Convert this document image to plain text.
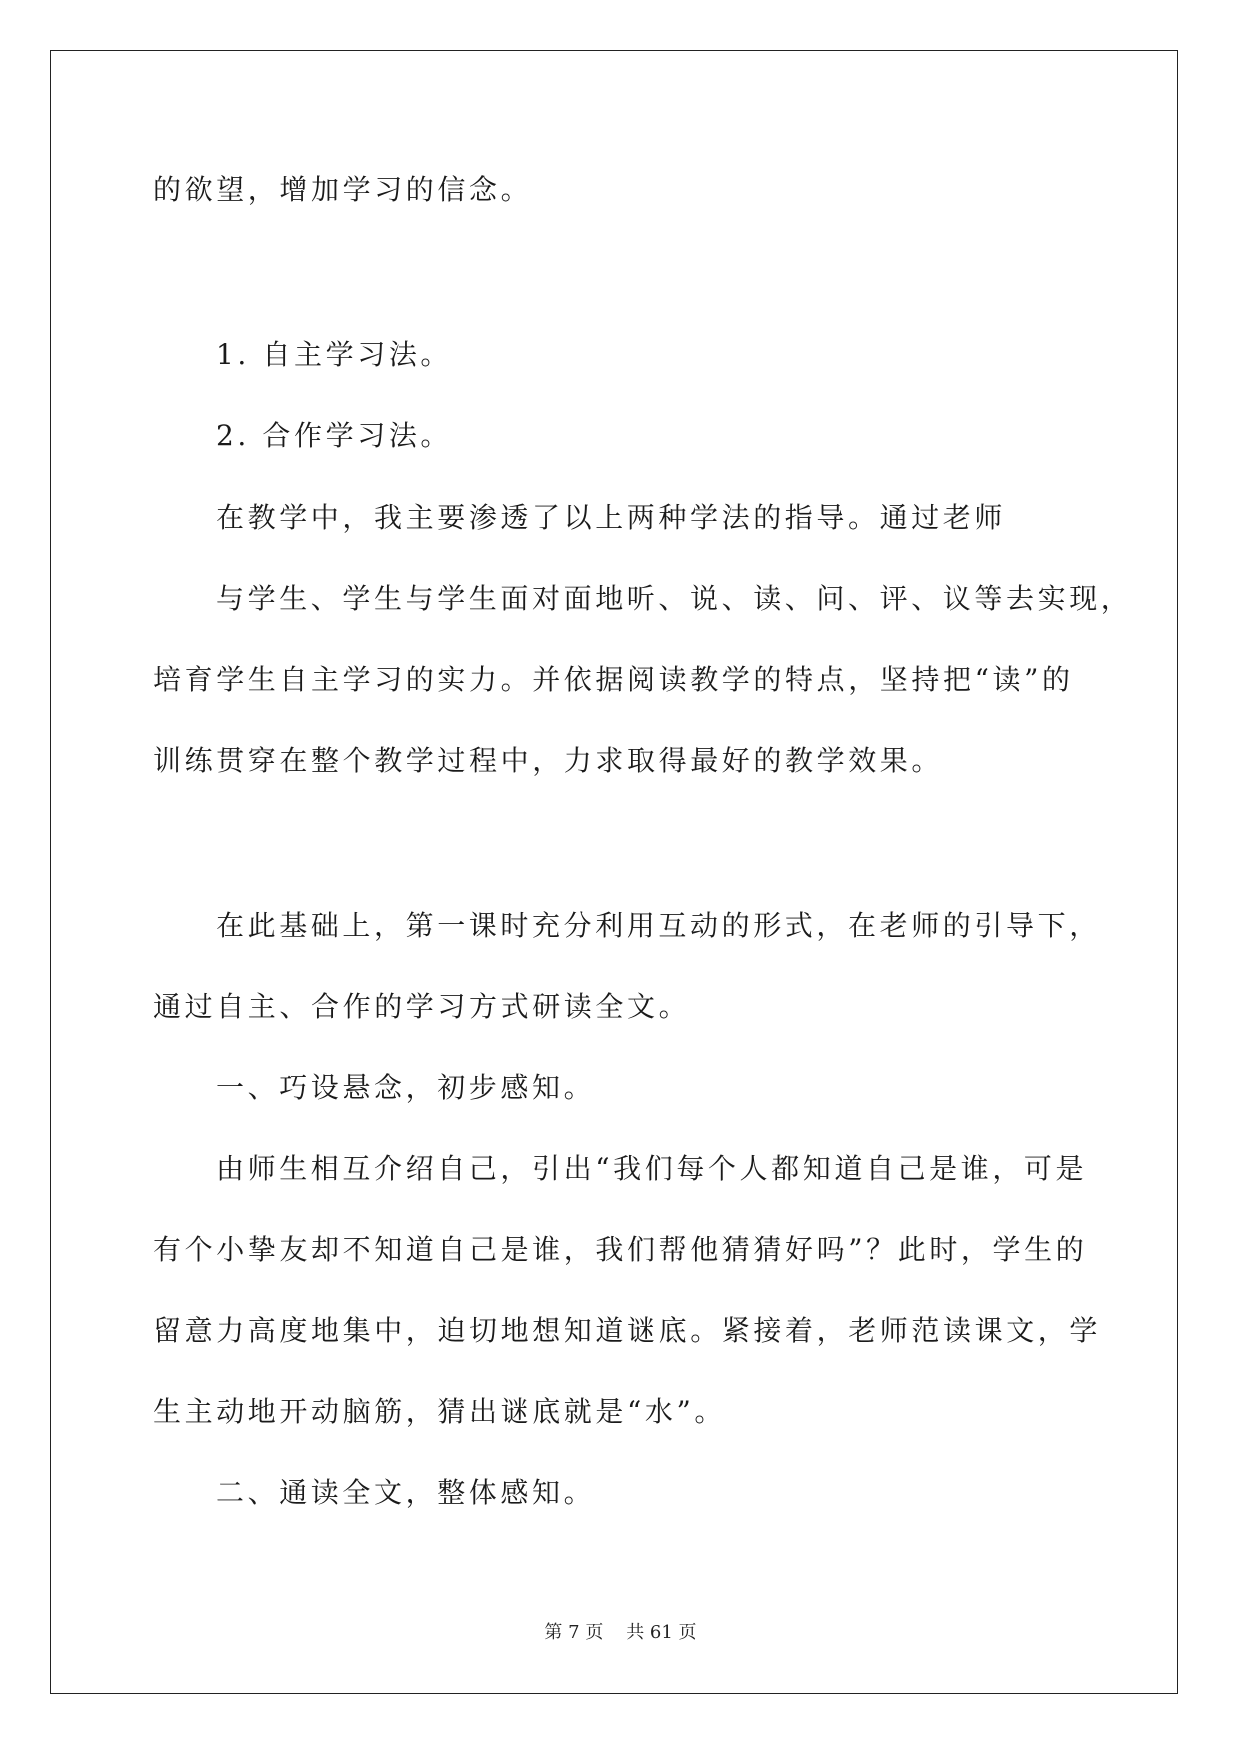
的欲望，增加学习的信念。

1. 自主学习法。

2. 合作学习法。

在教学中，我主要渗透了以上两种学法的指导。通过老师

与学生、学生与学生面对面地听、说、读、问、评、议等去实现，

培育学生自主学习的实力。并依据阅读教学的特点，坚持把“读”的

训练贯穿在整个教学过程中，力求取得最好的教学效果。

在此基础上，第一课时充分利用互动的形式，在老师的引导下，

通过自主、合作的学习方式研读全文。

一、巧设悬念，初步感知。

由师生相互介绍自己，引出“我们每个人都知道自己是谁，可是

有个小挚友却不知道自己是谁，我们帮他猜猜好吗”？此时，学生的

留意力高度地集中，迫切地想知道谜底。紧接着，老师范读课文，学

生主动地开动脑筋，猜出谜底就是“水”。

二、通读全文，整体感知。

第 7 页    共 61 页
